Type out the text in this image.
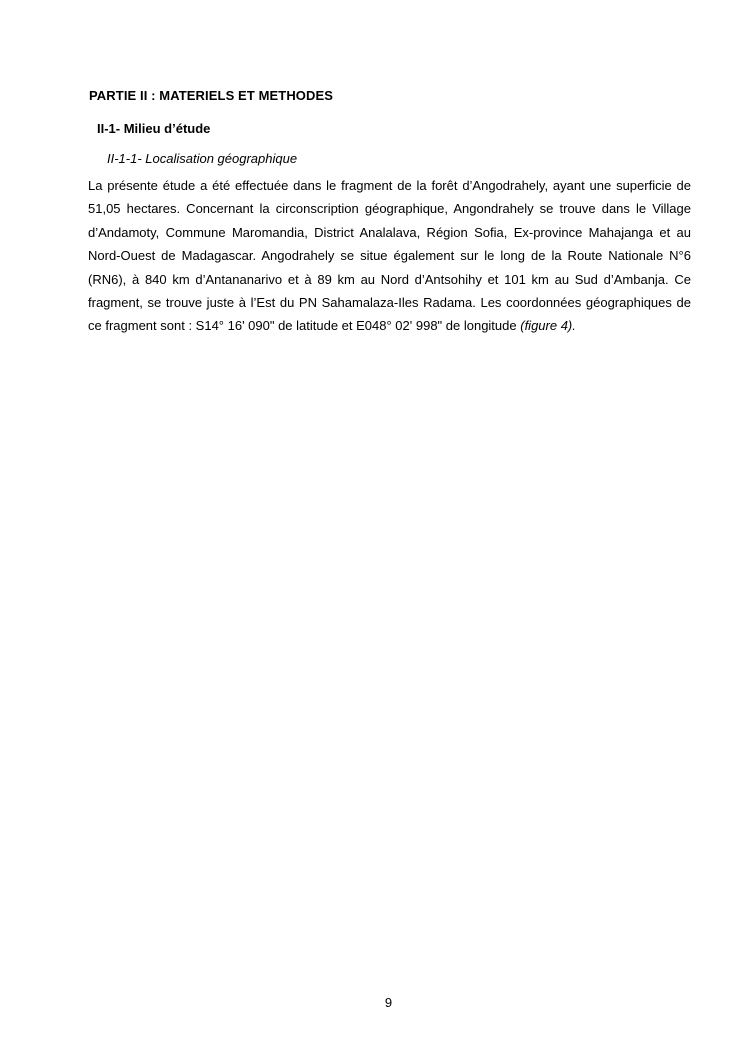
PARTIE II : MATERIELS ET METHODES
II-1- Milieu d’étude
II-1-1- Localisation géographique

La présente étude a été effectuée dans le fragment de la forêt d’Angodrahely, ayant une superficie de 51,05 hectares. Concernant la circonscription géographique, Angondrahely se trouve dans le Village d’Andamoty, Commune Maromandia, District Analalava, Région Sofia, Ex-province Mahajanga et au Nord-Ouest de Madagascar. Angodrahely se situe également sur le long de la Route Nationale N°6 (RN6), à 840 km d’Antananarivo et à 89 km au Nord d’Antsohihy et 101 km au Sud d’Ambanja. Ce fragment, se trouve juste à l’Est du PN Sahamalaza-Iles Radama. Les coordonnées géographiques de ce fragment sont : S14° 16' 090" de latitude et E048° 02' 998" de longitude (figure 4).

9
